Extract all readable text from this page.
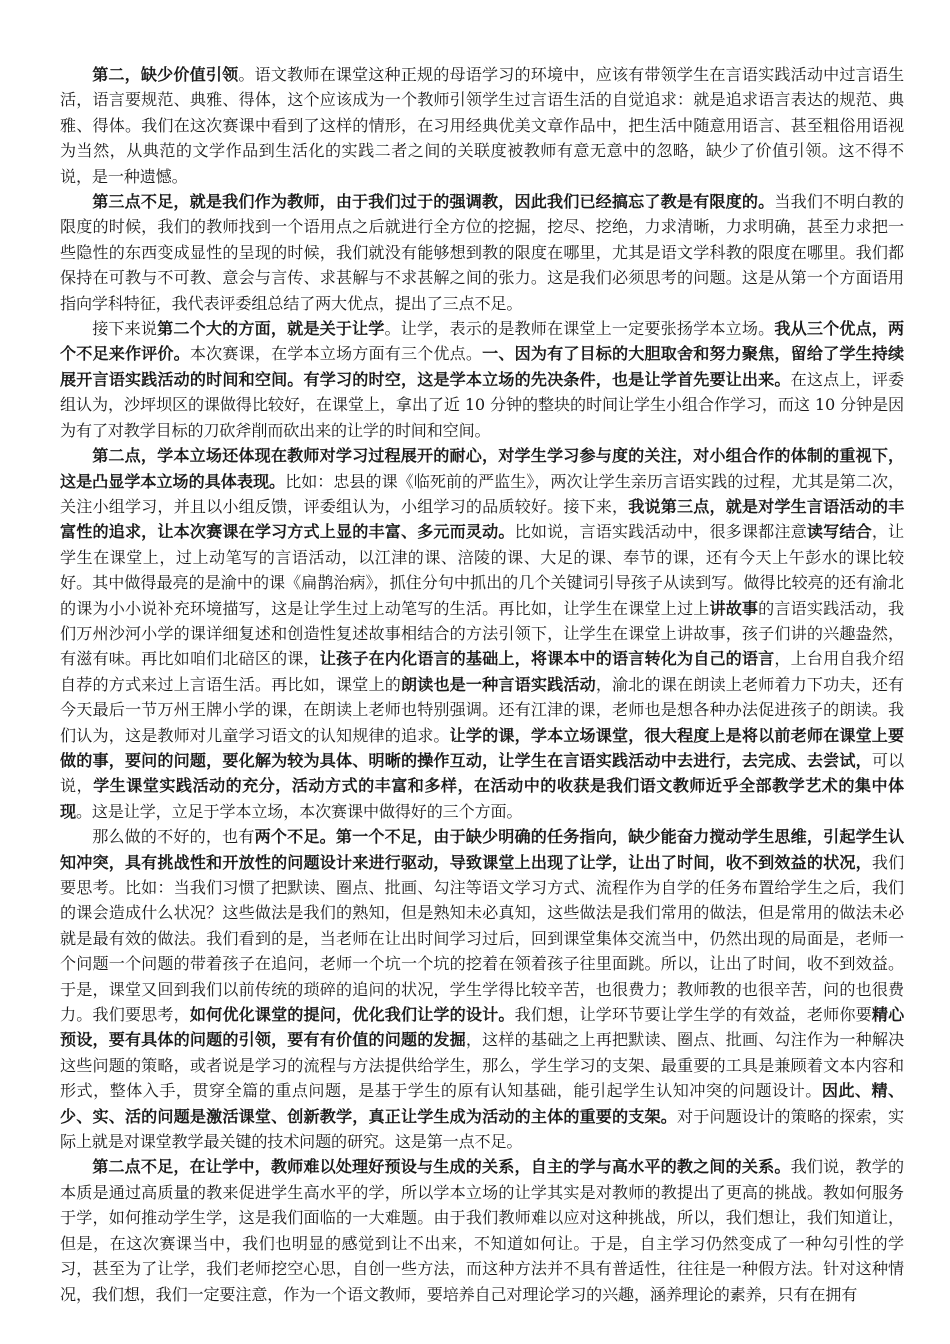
第二，缺少价值引领。语文教师在课堂这种正规的母语学习的环境中，应该有带领学生在言语实践活动中过言语生活，语言要规范、典雅、得体，这个应该成为一个教师引领学生过言语生活的自觉追求：就是追求语言表达的规范、典雅、得体。我们在这次赛课中看到了这样的情形，在习用经典优美文章作品中，把生活中随意用语言、甚至粗俗用语视为当然，从典范的文学作品到生活化的实践二者之间的关联度被教师有意无意中的忽略，缺少了价值引领。这不得不说，是一种遗憾。

第三点不足，就是我们作为教师，由于我们过于的强调教，因此我们已经搞忘了教是有限度的。当我们不明白教的限度的时候，我们的教师找到一个语用点之后就进行全方位的挖掘，挖尽、挖绝，力求清晰，力求明确，甚至力求把一些隐性的东西变成显性的呈现的时候，我们就没有能够想到教的限度在哪里，尤其是语文学科教的限度在哪里。我们都保持在可教与不可教、意会与言传、求甚解与不求甚解之间的张力。这是我们必须思考的问题。这是从第一个方面语用指向学科特征，我代表评委组总结了两大优点，提出了三点不足。

接下来说第二个大的方面，就是关于让学。让学，表示的是教师在课堂上一定要张扬学本立场。我从三个优点，两个不足来作评价。本次赛课，在学本立场方面有三个优点。一、因为有了目标的大胆取舍和努力聚焦，留给了学生持续展开言语实践活动的时间和空间。有学习的时空，这是学本立场的先决条件，也是让学首先要让出来。在这点上，评委组认为，沙坪坝区的课做得比较好，在课堂上，拿出了近 10 分钟的整块的时间让学生小组合作学习，而这 10 分钟是因为有了对教学目标的刀砍斧削而砍出来的让学的时间和空间。

第二点，学本立场还体现在教师对学习过程展开的耐心，对学生学习参与度的关注，对小组合作的体制的重视下，这是凸显学本立场的具体表现。比如：忠县的课《临死前的严监生》，两次让学生亲历言语实践的过程，尤其是第二次，关注小组学习，并且以小组反馈，评委组认为，小组学习的品质较好。接下来，我说第三点，就是对学生言语活动的丰富性的追求，让本次赛课在学习方式上显的丰富、多元而灵动。比如说，言语实践活动中，很多课都注意读写结合，让学生在课堂上，过上动笔写的言语活动，以江津的课、涪陵的课、大足的课、奉节的课，还有今天上午彭水的课比较好。其中做得最亮的是渝中的课《扁鹊治病》，抓住分句中抓出的几个关键词引导孩子从读到写。做得比较亮的还有渝北的课为小小说补充环境描写，这是让学生过上动笔写的生活。再比如，让学生在课堂上过上讲故事的言语实践活动，我们万州沙河小学的课详细复述和创造性复述故事相结合的方法引领下，让学生在课堂上讲故事，孩子们讲的兴趣盎然，有滋有味。再比如咱们北碚区的课，让孩子在内化语言的基础上，将课本中的语言转化为自己的语言，上台用自我介绍自荐的方式来过上言语生活。再比如，课堂上的朗读也是一种言语实践活动，渝北的课在朗读上老师着力下功夫，还有今天最后一节万州王牌小学的课，在朗读上老师也特别强调。还有江津的课，老师也是想各种办法促进孩子的朗读。我们认为，这是教师对儿童学习语文的认知规律的追求。让学的课，学本立场课堂，很大程度上是将以前老师在课堂上要做的事，要问的问题，要化解为较为具体、明晰的操作互动，让学生在言语实践活动中去进行，去完成、去尝试，可以说，学生课堂实践活动的充分，活动方式的丰富和多样，在活动中的收获是我们语文教师近乎全部教学艺术的集中体现。这是让学，立足于学本立场，本次赛课中做得好的三个方面。

那么做的不好的，也有两个不足。第一个不足，由于缺少明确的任务指向，缺少能奋力搅动学生思维，引起学生认知冲突，具有挑战性和开放性的问题设计来进行驱动，导致课堂上出现了让学，让出了时间，收不到效益的状况，我们要思考。比如：当我们习惯了把默读、圈点、批画、勾注等语文学习方式、流程作为自学的任务布置给学生之后，我们的课会造成什么状况？这些做法是我们的熟知，但是熟知未必真知，这些做法是我们常用的做法，但是常用的做法未必就是最有效的做法。我们看到的是，当老师在让出时间学习过后，回到课堂集体交流当中，仍然出现的局面是，老师一个问题一个问题的带着孩子在追问，老师一个坑一个坑的挖着在领着孩子往里面跳。所以，让出了时间，收不到效益。于是，课堂又回到我们以前传统的琐碎的追问的状况，学生学得比较辛苦，也很费力；教师教的也很辛苦，问的也很费力。我们要思考，如何优化课堂的提问，优化我们让学的设计。我们想，让学环节要让学生学的有效益，老师你要精心预设，要有具体的问题的引领，要有有价值的问题的发掘，这样的基础之上再把默读、圈点、批画、勾注作为一种解决这些问题的策略，或者说是学习的流程与方法提供给学生，那么，学生学习的支架、最重要的工具是兼顾着文本内容和形式，整体入手，贯穿全篇的重点问题，是基于学生的原有认知基础，能引起学生认知冲突的问题设计。因此、精、少、实、活的问题是激活课堂、创新教学，真正让学生成为活动的主体的重要的支架。对于问题设计的策略的探索，实际上就是对课堂教学最关键的技术问题的研究。这是第一点不足。

第二点不足，在让学中，教师难以处理好预设与生成的关系，自主的学与高水平的教之间的关系。我们说，教学的本质是通过高质量的教来促进学生高水平的学，所以学本立场的让学其实是对教师的教提出了更高的挑战。教如何服务于学，如何推动学生学，这是我们面临的一大难题。由于我们教师难以应对这种挑战，所以，我们想让，我们知道让，但是，在这次赛课当中，我们也明显的感觉到让不出来，不知道如何让。于是，自主学习仍然变成了一种勾引性的学习，甚至为了让学，我们老师挖空心思，自创一些方法，而这种方法并不具有普适性，往往是一种假方法。针对这种情况，我们想，我们一定要注意，作为一个语文教师，要培养自己对理论学习的兴趣，涵养理论的素养，只有在拥有
